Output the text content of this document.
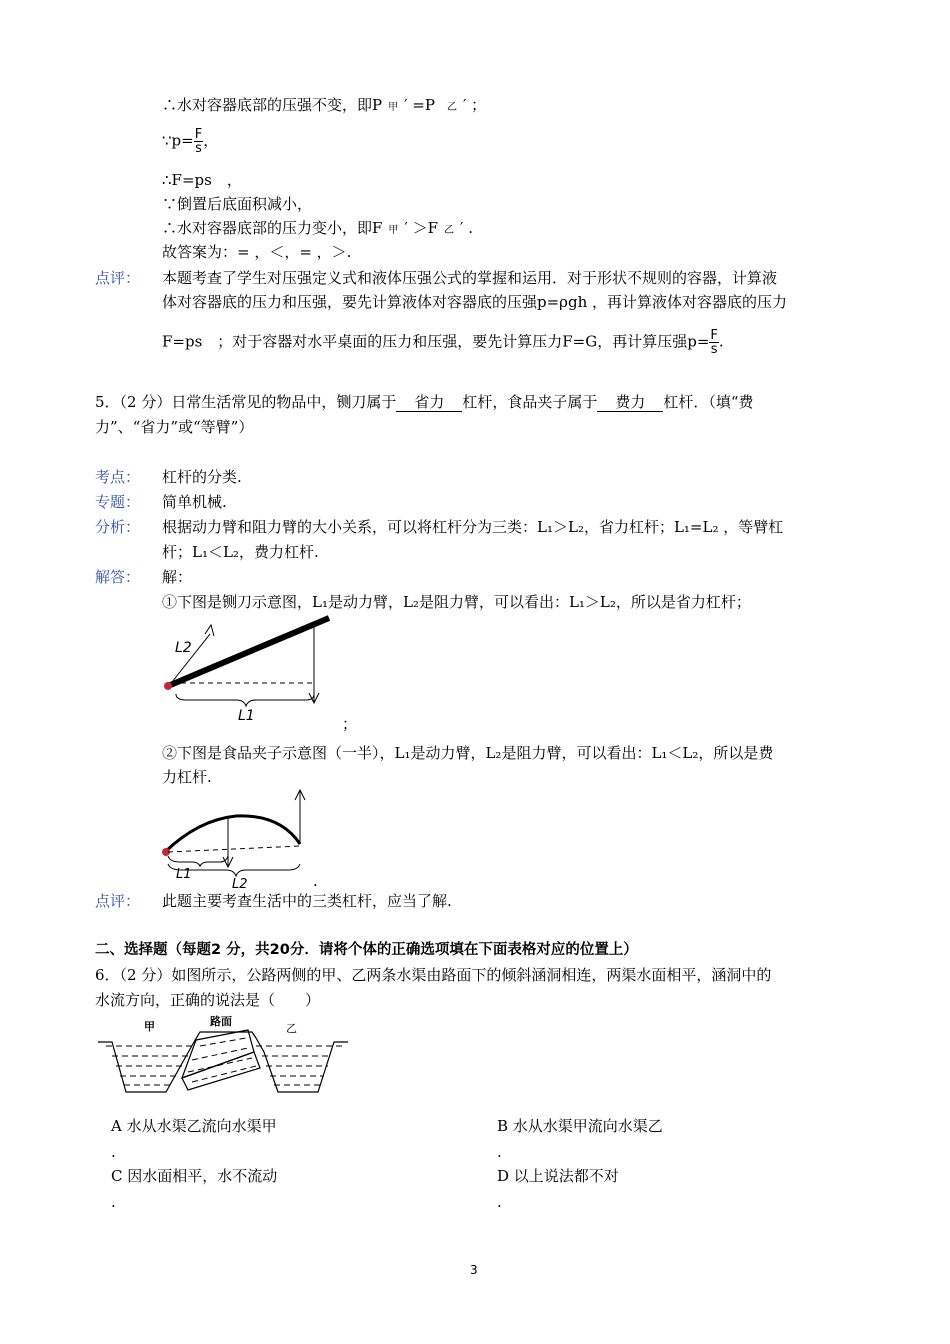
∴水对容器底部的压强不变，即P 甲 ′ =P 乙 ′ ；
∵p= $\frac{F}{s}$ ，
∴F=ps　，
∵倒置后底面积减小，
∴水对容器底部的压力变小，即F 甲 ′ ＞F 乙 ′ .
故答案为：= ，＜，= ，＞.
点评： 本题考查了学生对压强定义式和液体压强公式的掌握和运用．对于形状不规则的容器，计算液
体对容器底的压力和压强，要先计算液体对容器底的压强p=ρgh ，再计算液体对容器底的压力
F=ps　；对于容器对水平桌面的压力和压强，要先计算压力F=G，再计算压强$p= \frac{F}{s}$ .
5．（2 分）日常生活常见的物品中，铡刀属于 省力 杠杆，食品夹子属于 费力 杠杆．（填“费
力”、“省力”或“等臂”）
考点： 杠杆的分类.
专题： 简单机械.
分析： 根据动力臂和阻力臂的大小关系，可以将杠杆分为三类：L₁＞L₂，省力杠杆；L₁=L₂ ，等臂杠
杆；L₁＜L₂，费力杠杆.
解答： 解：
①下图是铡刀示意图，L₁是动力臂，L₂是阻力臂，可以看出：L₁＞L₂，所以是省力杠杆；
L2
L1	；
②下图是食品夹子示意图（一半），L₁是动力臂，L₂是阻力臂，可以看出：L₁＜L₂，所以是费
力杠杆.
L1
L2	.
点评： 此题主要考查生活中的三类杠杆，应当了解.
二、选择题（每题2 分，共20分．请将个体的正确选项填在下面表格对应的位置上）
6．（2 分）如图所示，公路两侧的甲、乙两条水渠由路面下的倾斜涵洞相连，两渠水面相平，涵洞中的
水流方向，正确的说法是（　　）
甲	路面
乙
A 水从水渠乙流向水渠甲
.
B 水从水渠甲流向水渠乙
.
C 因水面相平，水不流动
.
D 以上说法都不对
.
3
